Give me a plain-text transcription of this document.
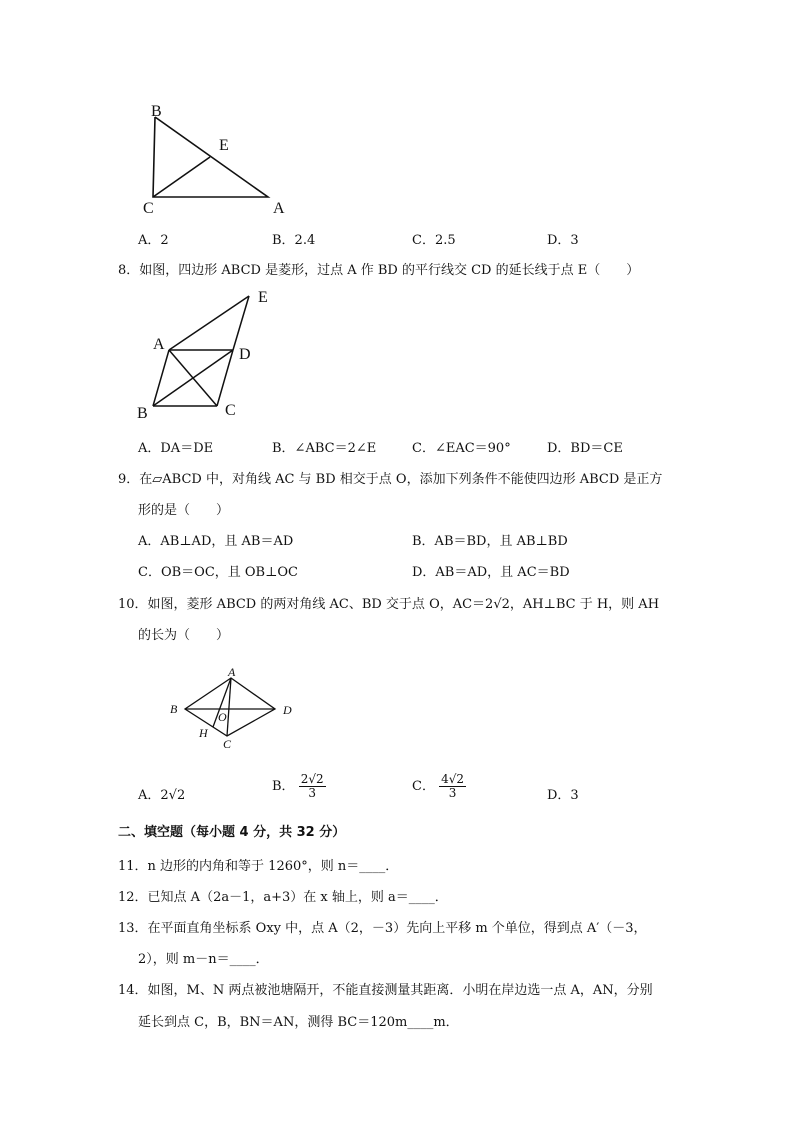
B
E
C	A
A．2	B．2.4	C．2.5	D．3
8．如图，四边形 ABCD 是菱形，过点 A 作 BD 的平行线交 CD 的延长线于点 E（　　）
E
A
D
B	C
A．DA＝DE	B．∠ABC＝2∠E	C．∠EAC＝90°	D．BD＝CE
9．在▱ABCD 中，对角线 AC 与 BD 相交于点 O，添加下列条件不能使四边形 ABCD 是正方
形的是（　　）
A．AB⊥AD，且 AB＝AD	B．AB＝BD，且 AB⊥BD
C．OB＝OC，且 OB⊥OC	D．AB＝AD，且 AC＝BD
10．如图，菱形 ABCD 的两对角线 AC、BD 交于点 O，AC＝2√2，AH⊥BC 于 H，则 AH
的长为（　　）
A
B
O	D
H
C
A．2√2
B． $\frac{2√2}{3}$	C． $\frac{4√2}{3}$	D．3
二、填空题（每小题 4 分，共 32 分）
11．n 边形的内角和等于 1260°，则 n＝____．
12．已知点 A（2a－1，a+3）在 x 轴上，则 a＝____．
13．在平面直角坐标系 Oxy 中，点 A（2，－3）先向上平移 m 个单位，得到点 A′（－3，
2），则 m－n＝____．
14．如图，M、N 两点被池塘隔开，不能直接测量其距离．小明在岸边选一点 A，AN，分别
延长到点 C，B，BN＝AN，测得 BC＝120m____m．
